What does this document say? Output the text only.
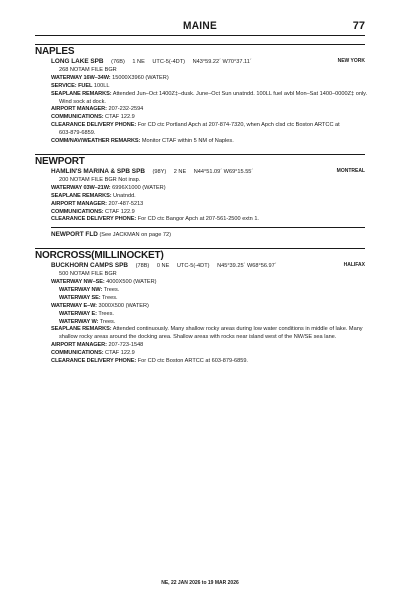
MAINE	77
NAPLES
LONG LAKE SPB (76B) 1 NE UTC-5(-4DT) N43°59.22´ W70°37.11´	NEW YORK
268 NOTAM FILE BGR
WATERWAY 16W–34W: 15000X3960 (WATER)
SERVICE: FUEL 100LL
SEAPLANE REMARKS: Attended Jun–Oct 1400Z‡–dusk. June–Oct Sun unatndd. 100LL fuel avbl Mon–Sat 1400–0000Z‡ only.
Wind sock at dock.
AIRPORT MANAGER: 207-232-2594
COMMUNICATIONS: CTAF 122.9
CLEARANCE DELIVERY PHONE: For CD ctc Portland Apch at 207-874-7320, when Apch clsd ctc Boston ARTCC at
603-879-6859.
COMM/NAV/WEATHER REMARKS: Monitor CTAF within 5 NM of Naples.
NEWPORT
HAMLIN'S MARINA & SPB SPB (98Y) 2 NE N44°51.09´ W69°15.55´	MONTREAL
200 NOTAM FILE BGR Not insp.
WATERWAY 03W–21W: 6996X1000 (WATER)
SEAPLANE REMARKS: Unatndd.
AIRPORT MANAGER: 207-487-5213
COMMUNICATIONS: CTAF 122.9
CLEARANCE DELIVERY PHONE: For CD ctc Bangor Apch at 207-561-2500 extn 1.
NEWPORT FLD (See JACKMAN on page 72)
NORCROSS(MILLINOCKET)
BUCKHORN CAMPS SPB (78B) 0 NE UTC-5(-4DT) N45°39.25´ W68°56.97´	HALIFAX
500 NOTAM FILE BGR
WATERWAY NW–SE: 4000X500 (WATER)
WATERWAY NW: Trees.
WATERWAY SE: Trees.
WATERWAY E–W: 3000X500 (WATER)
WATERWAY E: Trees.
WATERWAY W: Trees.
SEAPLANE REMARKS: Attended continuously. Many shallow rocky areas during low water conditions in middle of lake. Many
shallow rocky areas around the docking area. Shallow areas with rocks near island west of the NW/SE sea lane.
AIRPORT MANAGER: 207-723-1548
COMMUNICATIONS: CTAF 122.9
CLEARANCE DELIVERY PHONE: For CD ctc Boston ARTCC at 603-879-6859.
NE, 22 JAN 2026 to 19 MAR 2026
